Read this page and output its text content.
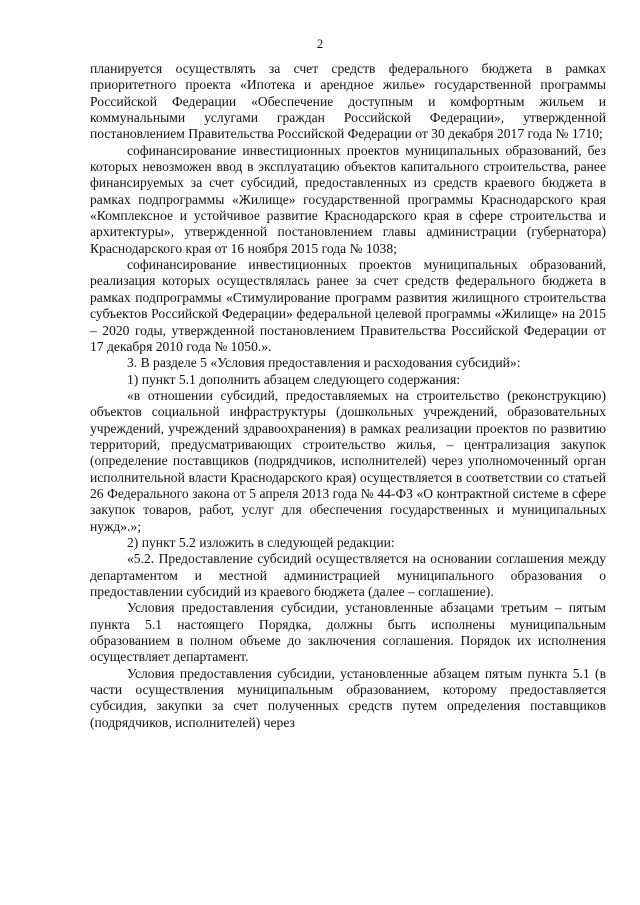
2

планируется осуществлять за счет средств федерального бюджета в рамках приоритетного проекта «Ипотека и арендное жилье» государственной программы Российской Федерации «Обеспечение доступным и комфортным жильем и коммунальными услугами граждан Российской Федерации», утвержденной постановлением Правительства Российской Федерации от 30 декабря 2017 года № 1710;

софинансирование инвестиционных проектов муниципальных образований, без которых невозможен ввод в эксплуатацию объектов капитального строительства, ранее финансируемых за счет субсидий, предоставленных из средств краевого бюджета в рамках подпрограммы «Жилище» государственной программы Краснодарского края «Комплексное и устойчивое развитие Краснодарского края в сфере строительства и архитектуры», утвержденной постановлением главы администрации (губернатора) Краснодарского края от 16 ноября 2015 года № 1038;

софинансирование инвестиционных проектов муниципальных образований, реализация которых осуществлялась ранее за счет средств федерального бюджета в рамках подпрограммы «Стимулирование программ развития жилищного строительства субъектов Российской Федерации» федеральной целевой программы «Жилище» на 2015 – 2020 годы, утвержденной постановлением Правительства Российской Федерации от 17 декабря 2010 года № 1050.».

3. В разделе 5 «Условия предоставления и расходования субсидий»:

1) пункт 5.1 дополнить абзацем следующего содержания:

«в отношении субсидий, предоставляемых на строительство (реконструкцию) объектов социальной инфраструктуры (дошкольных учреждений, образовательных учреждений, учреждений здравоохранения) в рамках реализации проектов по развитию территорий, предусматривающих строительство жилья, – централизация закупок (определение поставщиков (подрядчиков, исполнителей) через уполномоченный орган исполнительной власти Краснодарского края) осуществляется в соответствии со статьей 26 Федерального закона от 5 апреля 2013 года № 44-ФЗ «О контрактной системе в сфере закупок товаров, работ, услуг для обеспечения государственных и муниципальных нужд».»;

2) пункт 5.2 изложить в следующей редакции:

«5.2. Предоставление субсидий осуществляется на основании соглашения между департаментом и местной администрацией муниципального образования о предоставлении субсидий из краевого бюджета (далее – соглашение).

Условия предоставления субсидии, установленные абзацами третьим – пятым пункта 5.1 настоящего Порядка, должны быть исполнены муниципальным образованием в полном объеме до заключения соглашения. Порядок их исполнения осуществляет департамент.

Условия предоставления субсидии, установленные абзацем пятым пункта 5.1 (в части осуществления муниципальным образованием, которому предоставляется субсидия, закупки за счет полученных средств путем определения поставщиков (подрядчиков, исполнителей) через
